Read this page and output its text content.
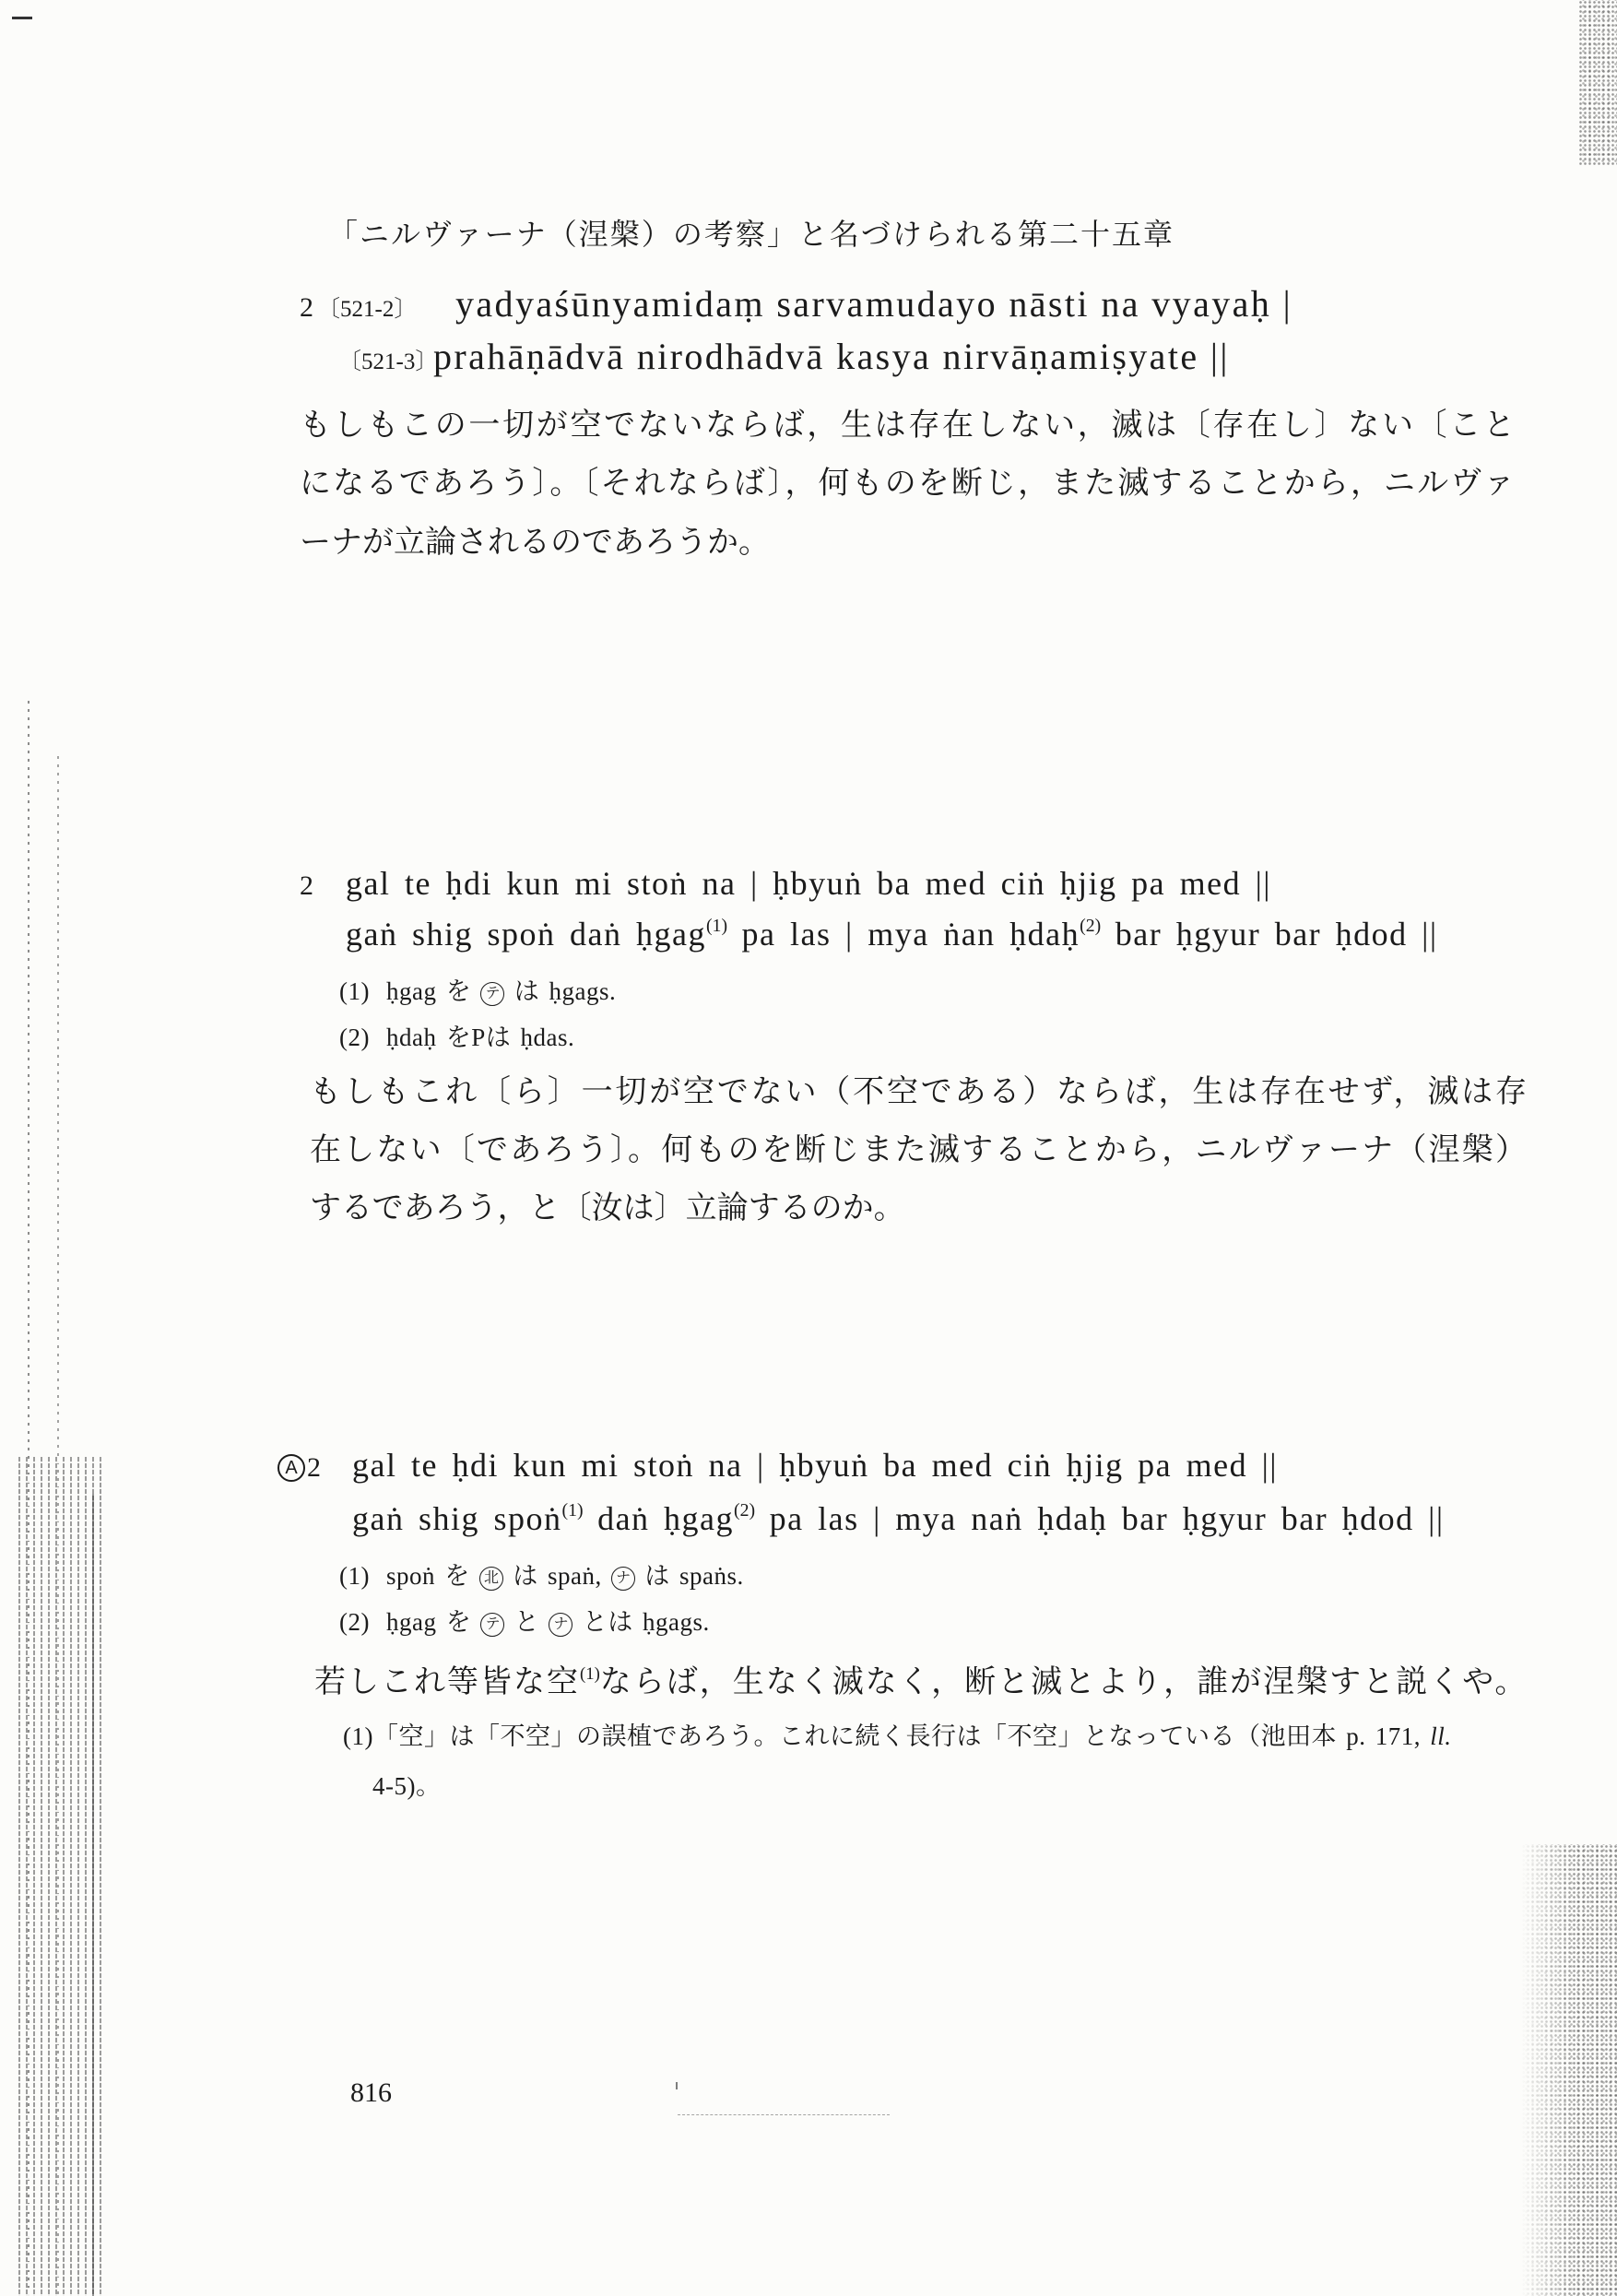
「ニルヴァーナ（涅槃）の考察」と名づけられる第二十五章
2 〔521-2〕 yadyaśūnyamidaṃ sarvamudayo nāsti na vyayaḥ |
〔521-3〕prahāṇādvā nirodhādvā kasya nirvāṇamiṣyate ||
もしもこの一切が空でないならば，生は存在しない，滅は〔存在し〕ない〔こと
になるであろう〕。〔それならば〕，何ものを断じ，また滅することから，ニルヴァ
ーナが立論されるのであろうか。
2 gal te ḥdi kun mi stoṅ na | ḥbyuṅ ba med ciṅ ḥjig pa med ||
gaṅ shig spoṅ daṅ ḥgag$^{(1)}$ pa las | mya ṅan ḥdaḥ$^{(2)}$ bar ḥgyur bar ḥdod ||
(1) ḥgag を テ は ḥgags.
(2) ḥdaḥ をPは ḥdas.
もしもこれ〔ら〕一切が空でない（不空である）ならば，生は存在せず，滅は存
在しない〔であろう〕。何ものを断じまた滅することから，ニルヴァーナ（涅槃）
するであろう，と〔汝は〕立論するのか。
A 2 gal te ḥdi kun mi stoṅ na | ḥbyuṅ ba med ciṅ ḥjig pa med ||
gaṅ shig spoṅ$^{(1)}$ daṅ ḥgag$^{(2)}$ pa las | mya naṅ ḥdaḥ bar ḥgyur bar ḥdod ||
(1) spoṅ を 北 は spaṅ, ナ は spaṅs.
(2) ḥgag を テ と ナ とは ḥgags.
若しこれ等皆な空$^{(1)}$ならば，生なく滅なく，断と滅とより，誰が涅槃すと説くや。
(1)「空」は「不空」の誤植であろう。これに続く長行は「不空」となっている（池田本 p. 171, ll.
4-5)。
816
